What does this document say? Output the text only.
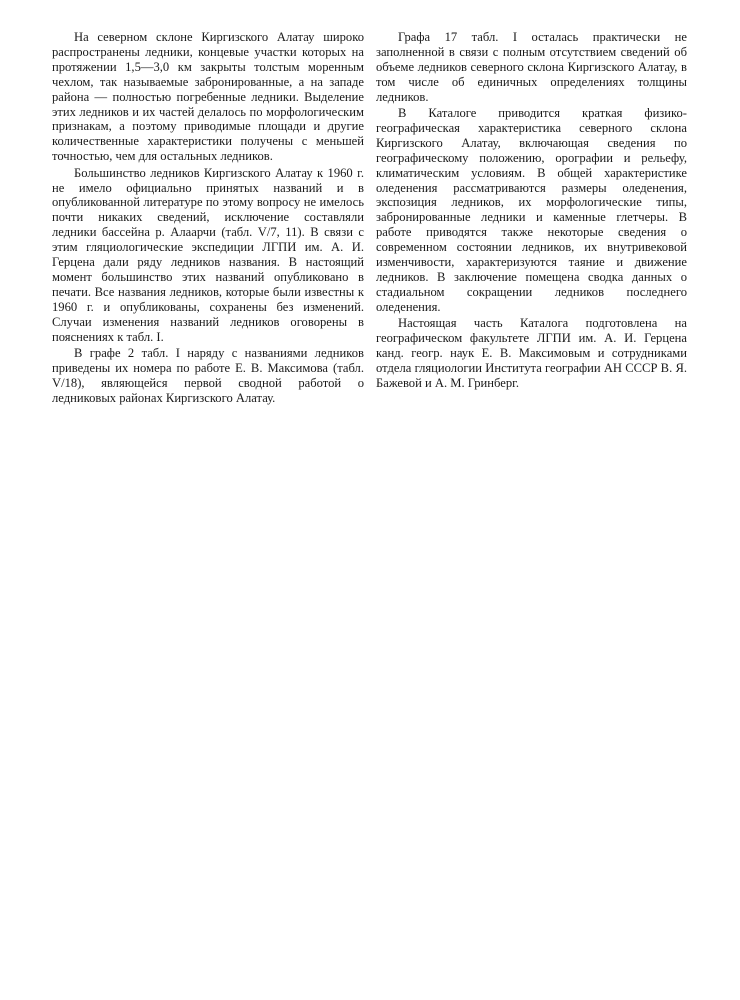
На северном склоне Киргизского Алатау широко распространены ледники, концевые участки которых на протяжении 1,5—3,0 км закрыты толстым моренным чехлом, так называемые забронированные, а на западе района — полностью погребенные ледники. Выделение этих ледников и их частей делалось по морфологическим признакам, а поэтому приводимые площади и другие количественные характеристики получены с меньшей точностью, чем для остальных ледников.

Большинство ледников Киргизского Алатау к 1960 г. не имело официально принятых названий и в опубликованной литературе по этому вопросу не имелось почти никаких сведений, исключение составляли ледники бассейна р. Алаарчи (табл. V/7, 11). В связи с этим гляциологические экспедиции ЛГПИ им. А. И. Герцена дали ряду ледников названия. В настоящий момент большинство этих названий опубликовано в печати. Все названия ледников, которые были известны к 1960 г. и опубликованы, сохранены без изменений. Случаи изменения названий ледников оговорены в пояснениях к табл. I.

В графе 2 табл. I наряду с названиями ледников приведены их номера по работе Е. В. Максимова (табл. V/18), являющейся первой сводной работой о ледниковых районах Киргизского Алатау.

Графа 17 табл. I осталась практически не заполненной в связи с полным отсутствием сведений об объеме ледников северного склона Киргизского Алатау, в том числе об единичных определениях толщины ледников.

В Каталоге приводится краткая физико-географическая характеристика северного склона Киргизского Алатау, включающая сведения по географическому положению, орографии и рельефу, климатическим условиям. В общей характеристике оледенения рассматриваются размеры оледенения, экспозиция ледников, их морфологические типы, забронированные ледники и каменные глетчеры. В работе приводятся также некоторые сведения о современном состоянии ледников, их внутривековой изменчивости, характеризуются таяние и движение ледников. В заключение помещена сводка данных о стадиальном сокращении ледников последнего оледенения.

Настоящая часть Каталога подготовлена на географическом факультете ЛГПИ им. А. И. Герцена канд. геогр. наук Е. В. Максимовым и сотрудниками отдела гляциологии Института географии АН СССР В. Я. Бажевой и А. М. Гринберг.
